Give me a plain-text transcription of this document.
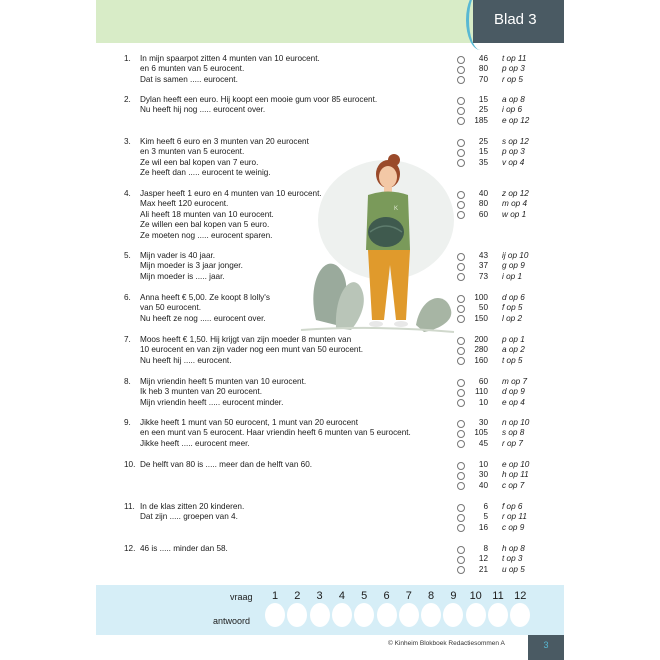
Blad 3
K
1.	In mijn spaarpot zitten 4 munten van 10 eurocent.
en 6 munten van 5 eurocent.
Dat is samen ..... eurocent.
46 t op 11
80 p op 3
70 r op 5
2.	Dylan heeft een euro. Hij koopt een mooie gum voor 85 eurocent.
Nu heeft hij nog ..... eurocent over.
15 a op 8
25 i op 6
185 e op 12
3.	Kim heeft 6 euro en 3 munten van 20 eurocent
en 3 munten van 5 eurocent.
Ze wil een bal kopen van 7 euro.
Ze heeft dan ..... eurocent te weinig.
25 s op 12
15 p op 3
35 v op 4
4.	Jasper heeft 1 euro en 4 munten van 10 eurocent.
Max heeft 120 eurocent.
Ali heeft 18 munten van 10 eurocent.
Ze willen een bal kopen van 5 euro.
Ze moeten nog ..... eurocent sparen.
40 z op 12
80 m op 4
60 w op 1
5.	Mijn vader is 40 jaar.
Mijn moeder is 3 jaar jonger.
Mijn moeder is ..... jaar.
43 ij op 10
37 g op 9
73 i op 1
6.	Anna heeft € 5,00. Ze koopt 8 lolly's
van 50 eurocent.
Nu heeft ze nog ..... eurocent over.
100 d op 6
50 f op 5
150 l op 2
7.	Moos heeft € 1,50. Hij krijgt van zijn moeder 8 munten van
10 eurocent en van zijn vader nog een munt van 50 eurocent.
Nu heeft hij ..... eurocent.
200 p op 1
280 a op 2
160 t op 5
8.	Mijn vriendin heeft 5 munten van 10 eurocent.
Ik heb 3 munten van 20 eurocent.
Mijn vriendin heeft ..... eurocent minder.
60 m op 7
110 d op 9
10 e op 4
9.	Jikke heeft 1 munt van 50 eurocent, 1 munt van 20 eurocent
en een munt van 5 eurocent. Haar vriendin heeft 6 munten van 5 eurocent.
Jikke heeft ..... eurocent meer.
30 n op 10
105 s op 8
45 r op 7
10. De helft van 80 is ..... meer dan de helft van 60.	10 e op 10
30 h op 11
40 c op 7
11. In de klas zitten 20 kinderen.
Dat zijn ..... groepen van 4.
6 f op 6
5 r op 11
16 c op 9
12. 46 is ..... minder dan 58.	8 h op 8
12 t op 3
21 u op 5
vraag
antwoord
1	2	3	4	5	6	7	8	9	10 11 12
© Kinheim Blokboek Redactiesommen A	3
